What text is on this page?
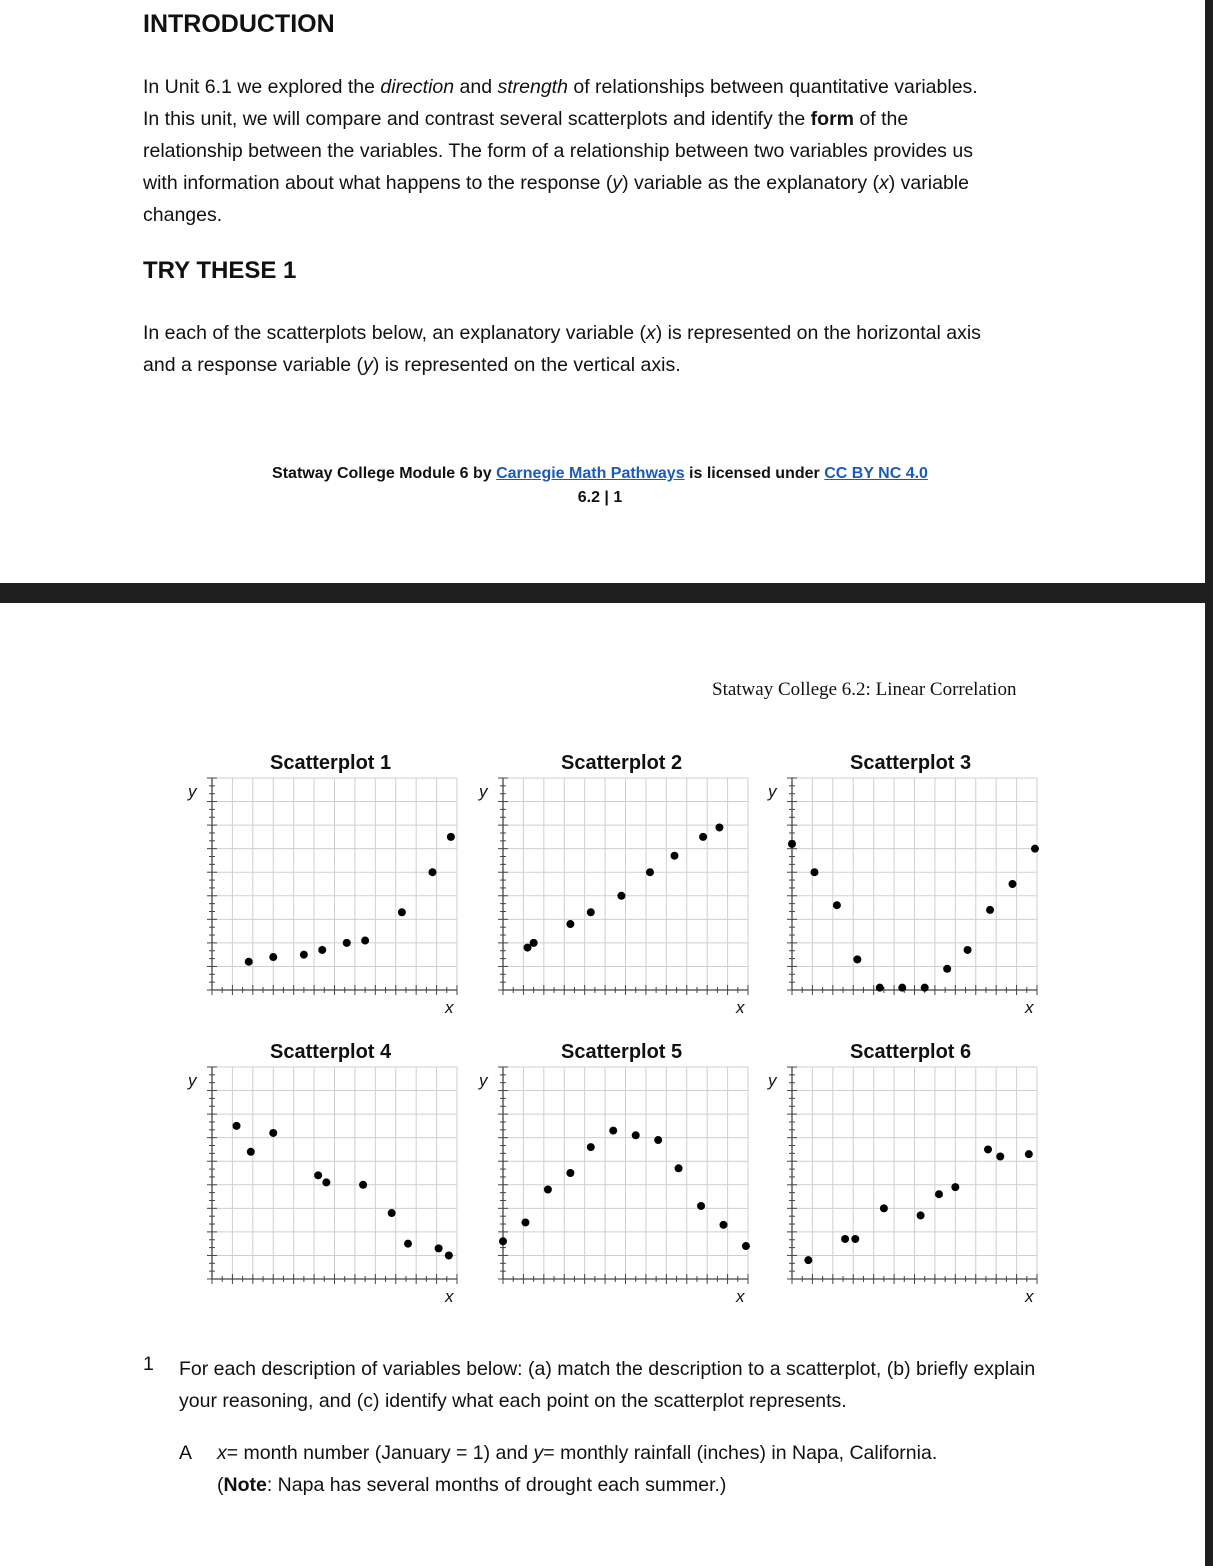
INTRODUCTION
In Unit 6.1 we explored the direction and strength of relationships between quantitative variables.
In this unit, we will compare and contrast several scatterplots and identify the form of the
relationship between the variables. The form of a relationship between two variables provides us
with information about what happens to the response (y) variable as the explanatory (x) variable
changes.
TRY THESE 1
In each of the scatterplots below, an explanatory variable (x) is represented on the horizontal axis
and a response variable (y) is represented on the vertical axis.
Statway College Module 6 by Carnegie Math Pathways is licensed under CC BY NC 4.0
6.2 | 1
Statway College 6.2: Linear Correlation
Scatterplot 1
y
x
Scatterplot 2
y
x
Scatterplot 3
y
x
Scatterplot 4
y
x
Scatterplot 5
y
x
Scatterplot 6
y
x
1 For each description of variables below: (a) match the description to a scatterplot, (b) briefly explain
your reasoning, and (c) identify what each point on the scatterplot represents.
A x= month number (January = 1) and y= monthly rainfall (inches) in Napa, California.
(Note: Napa has several months of drought each summer.)
